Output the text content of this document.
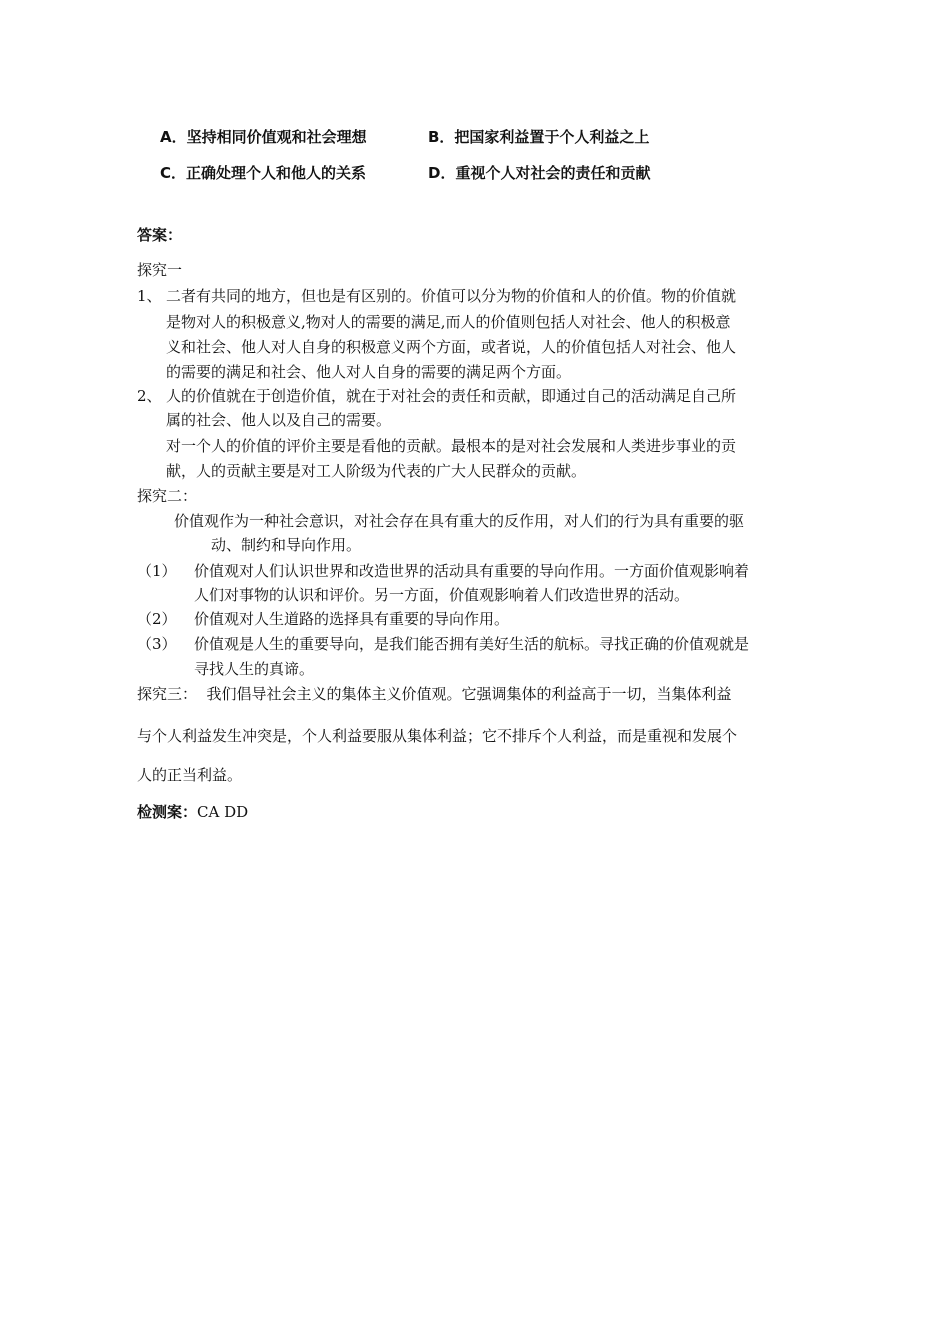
A．坚持相同价值观和社会理想	B．把国家利益置于个人利益之上
C．正确处理个人和他人的关系	D．重视个人对社会的责任和贡献
答案：
探究一
1、 二者有共同的地方，但也是有区别的。价值可以分为物的价值和人的价值。物的价值就
是物对人的积极意义,物对人的需要的满足,而人的价值则包括人对社会、他人的积极意
义和社会、他人对人自身的积极意义两个方面，或者说，人的价值包括人对社会、他人
的需要的满足和社会、他人对人自身的需要的满足两个方面。
2、 人的价值就在于创造价值，就在于对社会的责任和贡献，即通过自己的活动满足自己所
属的社会、他人以及自己的需要。
对一个人的价值的评价主要是看他的贡献。最根本的是对社会发展和人类进步事业的贡
献，人的贡献主要是对工人阶级为代表的广大人民群众的贡献。
探究二：
价值观作为一种社会意识，对社会存在具有重大的反作用，对人们的行为具有重要的驱
动、制约和导向作用。
（1） 价值观对人们认识世界和改造世界的活动具有重要的导向作用。一方面价值观影响着
人们对事物的认识和评价。另一方面，价值观影响着人们改造世界的活动。
（2） 价值观对人生道路的选择具有重要的导向作用。
（3） 价值观是人生的重要导向，是我们能否拥有美好生活的航标。寻找正确的价值观就是
寻找人生的真谛。
探究三：  我们倡导社会主义的集体主义价值观。它强调集体的利益高于一切，当集体利益
与个人利益发生冲突是，个人利益要服从集体利益；它不排斥个人利益，而是重视和发展个
人的正当利益。
检测案：CA DD
